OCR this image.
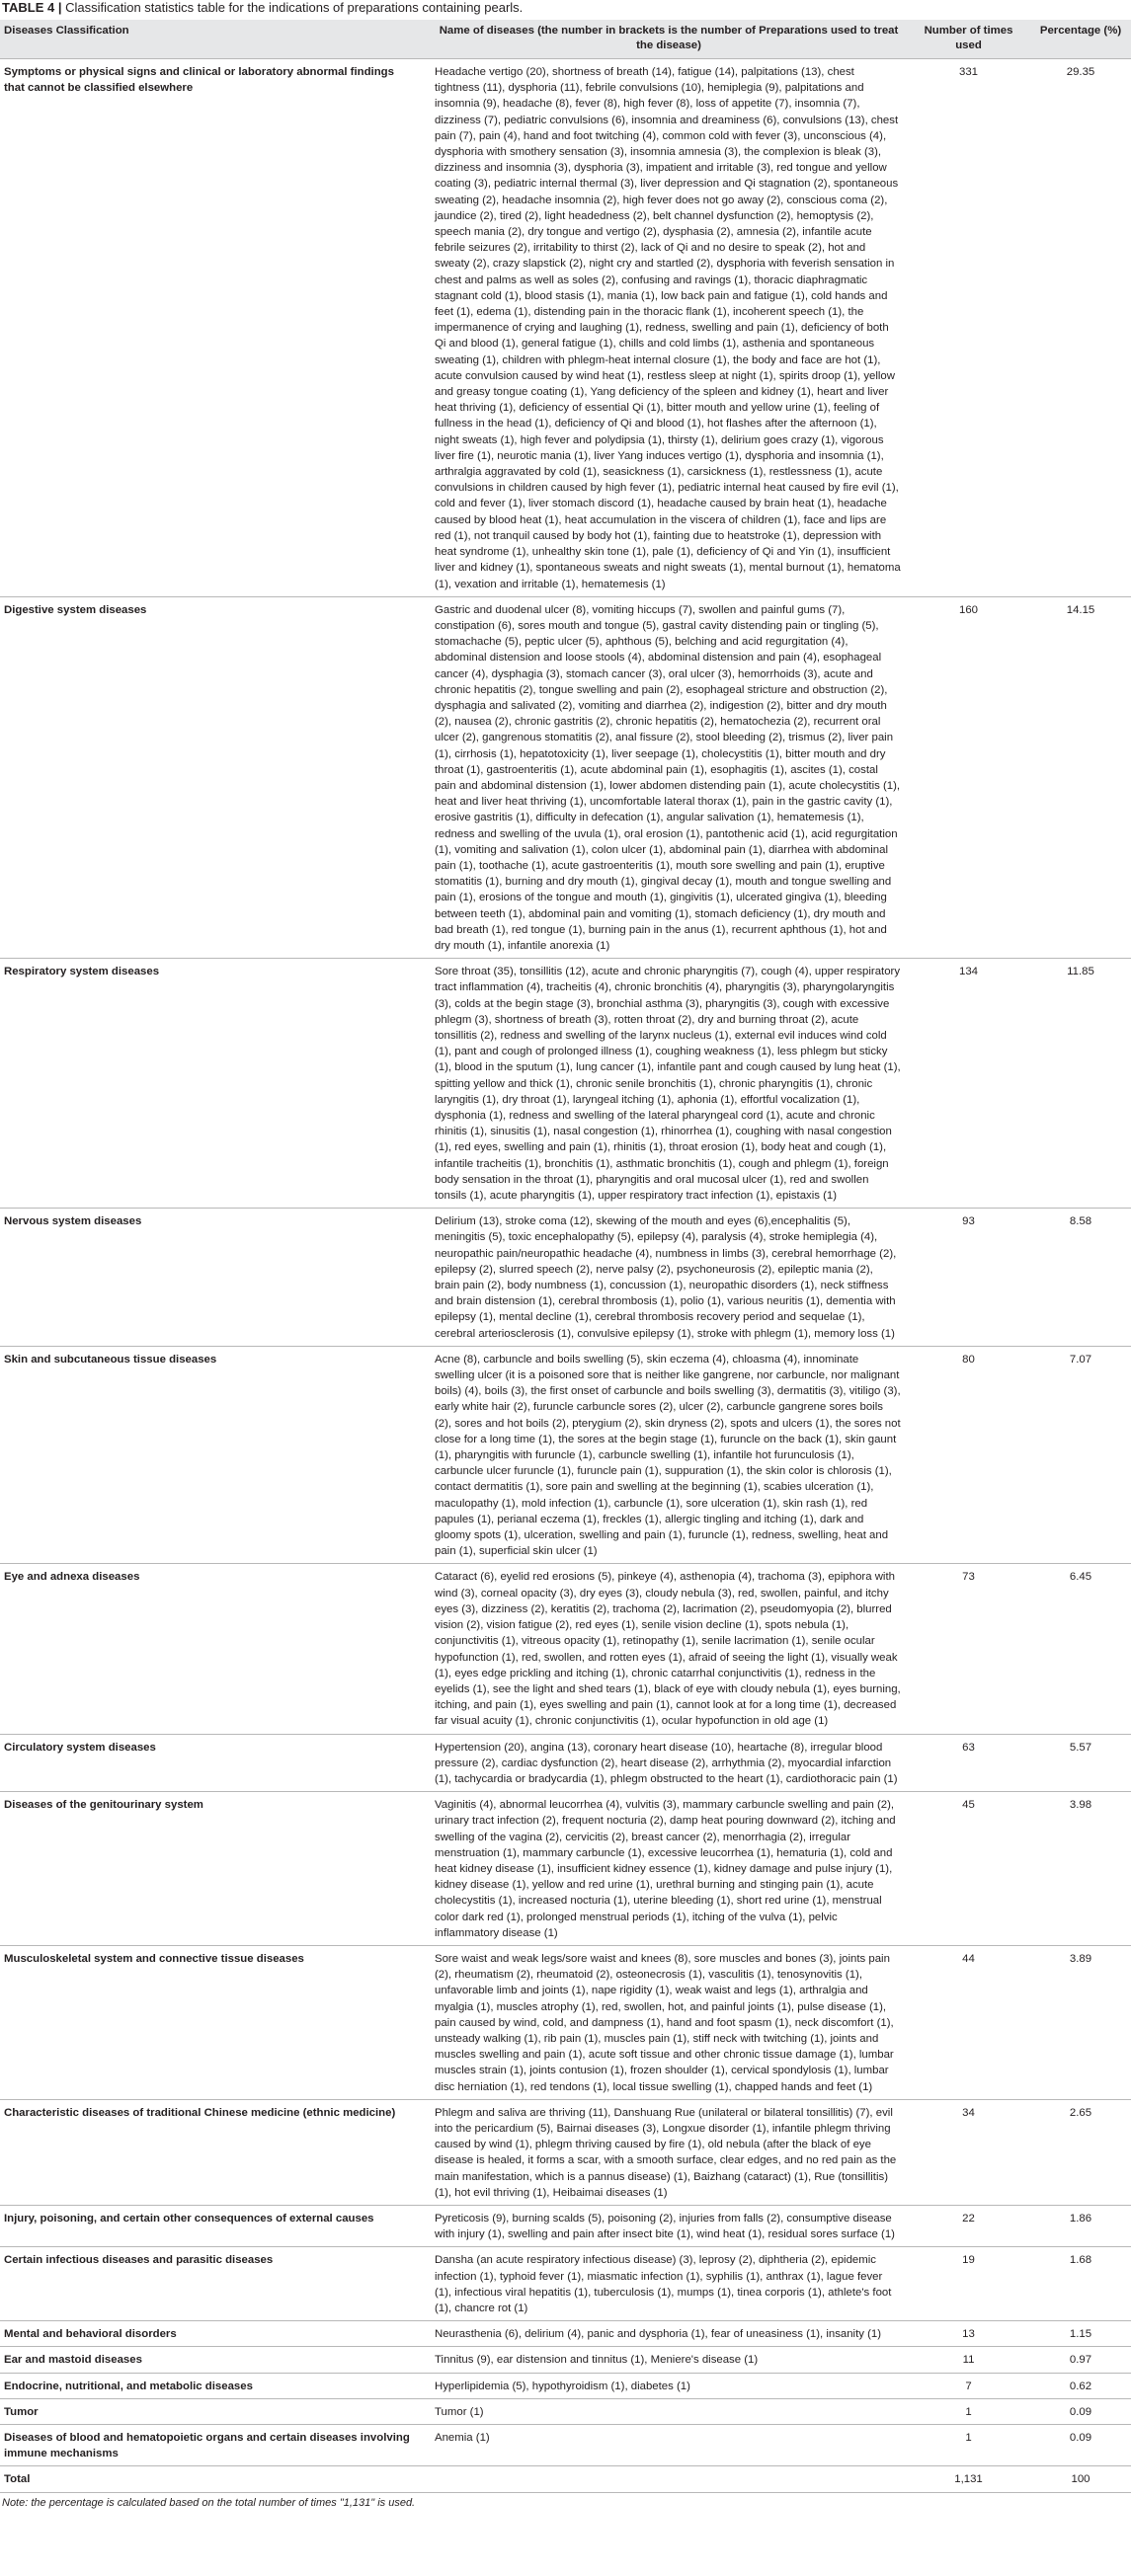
TABLE 4 | Classification statistics table for the indications of preparations containing pearls.
Diseases Classification	Name of diseases (the number in brackets is the number of Preparations used to treat the disease)	Number of times used	Percentage (%)
Symptoms or physical signs and clinical or laboratory abnormal findings that cannot be classified elsewhere	Headache vertigo (20), shortness of breath (14), fatigue (14), palpitations (13), chest tightness (11), dysphoria (11), febrile convulsions (10), hemiplegia (9), palpitations and insomnia (9), headache (8), fever (8), high fever (8), loss of appetite (7), insomnia (7), dizziness (7), pediatric convulsions (6), insomnia and dreaminess (6), convulsions (13), chest pain (7), pain (4), hand and foot twitching (4), common cold with fever (3), unconscious (4), dysphoria with smothery sensation (3), insomnia amnesia (3), the complexion is bleak (3), dizziness and insomnia (3), dysphoria (3), impatient and irritable (3), red tongue and yellow coating (3), pediatric internal thermal (3), liver depression and Qi stagnation (2), spontaneous sweating (2), headache insomnia (2), high fever does not go away (2), conscious coma (2), jaundice (2), tired (2), light headedness (2), belt channel dysfunction (2), hemoptysis (2), speech mania (2), dry tongue and vertigo (2), dysphasia (2), amnesia (2), infantile acute febrile seizures (2), irritability to thirst (2), lack of Qi and no desire to speak (2), hot and sweaty (2), crazy slapstick (2), night cry and startled (2), dysphoria with feverish sensation in chest and palms as well as soles (2), confusing and ravings (1), thoracic diaphragmatic stagnant cold (1), blood stasis (1), mania (1), low back pain and fatigue (1), cold hands and feet (1), edema (1), distending pain in the thoracic flank (1), incoherent speech (1), the impermanence of crying and laughing (1), redness, swelling and pain (1), deficiency of both Qi and blood (1), general fatigue (1), chills and cold limbs (1), asthenia and spontaneous sweating (1), children with phlegm-heat internal closure (1), the body and face are hot (1), acute convulsion caused by wind heat (1), restless sleep at night (1), spirits droop (1), yellow and greasy tongue coating (1), Yang deficiency of the spleen and kidney (1), heart and liver heat thriving (1), deficiency of essential Qi (1), bitter mouth and yellow urine (1), feeling of fullness in the head (1), deficiency of Qi and blood (1), hot flashes after the afternoon (1), night sweats (1), high fever and polydipsia (1), thirsty (1), delirium goes crazy (1), vigorous liver fire (1), neurotic mania (1), liver Yang induces vertigo (1), dysphoria and insomnia (1), arthralgia aggravated by cold (1), seasickness (1), carsickness (1), restlessness (1), acute convulsions in children caused by high fever (1), pediatric internal heat caused by fire evil (1), cold and fever (1), liver stomach discord (1), headache caused by brain heat (1), headache caused by blood heat (1), heat accumulation in the viscera of children (1), face and lips are red (1), not tranquil caused by body hot (1), fainting due to heatstroke (1), depression with heat syndrome (1), unhealthy skin tone (1), pale (1), deficiency of Qi and Yin (1), insufficient liver and kidney (1), spontaneous sweats and night sweats (1), mental burnout (1), hematoma (1), vexation and irritable (1), hematemesis (1)	331	29.35
Digestive system diseases	Gastric and duodenal ulcer (8), vomiting hiccups (7), swollen and painful gums (7), constipation (6), sores mouth and tongue (5), gastral cavity distending pain or tingling (5), stomachache (5), peptic ulcer (5), aphthous (5), belching and acid regurgitation (4), abdominal distension and loose stools (4), abdominal distension and pain (4), esophageal cancer (4), dysphagia (3), stomach cancer (3), oral ulcer (3), hemorrhoids (3), acute and chronic hepatitis (2), tongue swelling and pain (2), esophageal stricture and obstruction (2), dysphagia and salivated (2), vomiting and diarrhea (2), indigestion (2), bitter and dry mouth (2), nausea (2), chronic gastritis (2), chronic hepatitis (2), hematochezia (2), recurrent oral ulcer (2), gangrenous stomatitis (2), anal fissure (2), stool bleeding (2), trismus (2), liver pain (1), cirrhosis (1), hepatotoxicity (1), liver seepage (1), cholecystitis (1), bitter mouth and dry throat (1), gastroenteritis (1), acute abdominal pain (1), esophagitis (1), ascites (1), costal pain and abdominal distension (1), lower abdomen distending pain (1), acute cholecystitis (1), heat and liver heat thriving (1), uncomfortable lateral thorax (1), pain in the gastric cavity (1), erosive gastritis (1), difficulty in defecation (1), angular salivation (1), hematemesis (1), redness and swelling of the uvula (1), oral erosion (1), pantothenic acid (1), acid regurgitation (1), vomiting and salivation (1), colon ulcer (1), abdominal pain (1), diarrhea with abdominal pain (1), toothache (1), acute gastroenteritis (1), mouth sore swelling and pain (1), eruptive stomatitis (1), burning and dry mouth (1), gingival decay (1), mouth and tongue swelling and pain (1), erosions of the tongue and mouth (1), gingivitis (1), ulcerated gingiva (1), bleeding between teeth (1), abdominal pain and vomiting (1), stomach deficiency (1), dry mouth and bad breath (1), red tongue (1), burning pain in the anus (1), recurrent aphthous (1), hot and dry mouth (1), infantile anorexia (1)	160	14.15
Respiratory system diseases	Sore throat (35), tonsillitis (12), acute and chronic pharyngitis (7), cough (4), upper respiratory tract inflammation (4), tracheitis (4), chronic bronchitis (4), pharyngitis (3), pharyngolaryngitis (3), colds at the begin stage (3), bronchial asthma (3), pharyngitis (3), cough with excessive phlegm (3), shortness of breath (3), rotten throat (2), dry and burning throat (2), acute tonsillitis (2), redness and swelling of the larynx nucleus (1), external evil induces wind cold (1), pant and cough of prolonged illness (1), coughing weakness (1), less phlegm but sticky (1), blood in the sputum (1), lung cancer (1), infantile pant and cough caused by lung heat (1), spitting yellow and thick (1), chronic senile bronchitis (1), chronic pharyngitis (1), chronic laryngitis (1), dry throat (1), laryngeal itching (1), aphonia (1), effortful vocalization (1), dysphonia (1), redness and swelling of the lateral pharyngeal cord (1), acute and chronic rhinitis (1), sinusitis (1), nasal congestion (1), rhinorrhea (1), coughing with nasal congestion (1), red eyes, swelling and pain (1), rhinitis (1), throat erosion (1), body heat and cough (1), infantile tracheitis (1), bronchitis (1), asthmatic bronchitis (1), cough and phlegm (1), foreign body sensation in the throat (1), pharyngitis and oral mucosal ulcer (1), red and swollen tonsils (1), acute pharyngitis (1), upper respiratory tract infection (1), epistaxis (1)	134	11.85
Nervous system diseases	Delirium (13), stroke coma (12), skewing of the mouth and eyes (6),encephalitis (5), meningitis (5), toxic encephalopathy (5), epilepsy (4), paralysis (4), stroke hemiplegia (4), neuropathic pain/neuropathic headache (4), numbness in limbs (3), cerebral hemorrhage (2), epilepsy (2), slurred speech (2), nerve palsy (2), psychoneurosis (2), epileptic mania (2), brain pain (2), body numbness (1), concussion (1), neuropathic disorders (1), neck stiffness and brain distension (1), cerebral thrombosis (1), polio (1), various neuritis (1), dementia with epilepsy (1), mental decline (1), cerebral thrombosis recovery period and sequelae (1), cerebral arteriosclerosis (1), convulsive epilepsy (1), stroke with phlegm (1), memory loss (1)	93	8.58
Skin and subcutaneous tissue diseases	Acne (8), carbuncle and boils swelling (5), skin eczema (4), chloasma (4), innominate swelling ulcer (it is a poisoned sore that is neither like gangrene, nor carbuncle, nor malignant boils) (4), boils (3), the first onset of carbuncle and boils swelling (3), dermatitis (3), vitiligo (3), early white hair (2), furuncle carbuncle sores (2), ulcer (2), carbuncle gangrene sores boils (2), sores and hot boils (2), pterygium (2), skin dryness (2), spots and ulcers (1), the sores not close for a long time (1), the sores at the begin stage (1), furuncle on the back (1), skin gaunt (1), pharyngitis with furuncle (1), carbuncle swelling (1), infantile hot furunculosis (1), carbuncle ulcer furuncle (1), furuncle pain (1), suppuration (1), the skin color is chlorosis (1), contact dermatitis (1), sore pain and swelling at the beginning (1), scabies ulceration (1), maculopathy (1), mold infection (1), carbuncle (1), sore ulceration (1), skin rash (1), red papules (1), perianal eczema (1), freckles (1), allergic tingling and itching (1), dark and gloomy spots (1), ulceration, swelling and pain (1), furuncle (1), redness, swelling, heat and pain (1), superficial skin ulcer (1)	80	7.07
Eye and adnexa diseases	Cataract (6), eyelid red erosions (5), pinkeye (4), asthenopia (4), trachoma (3), epiphora with wind (3), corneal opacity (3), dry eyes (3), cloudy nebula (3), red, swollen, painful, and itchy eyes (3), dizziness (2), keratitis (2), trachoma (2), lacrimation (2), pseudomyopia (2), blurred vision (2), vision fatigue (2), red eyes (1), senile vision decline (1), spots nebula (1), conjunctivitis (1), vitreous opacity (1), retinopathy (1), senile lacrimation (1), senile ocular hypofunction (1), red, swollen, and rotten eyes (1), afraid of seeing the light (1), visually weak (1), eyes edge prickling and itching (1), chronic catarrhal conjunctivitis (1), redness in the eyelids (1), see the light and shed tears (1), black of eye with cloudy nebula (1), eyes burning, itching, and pain (1), eyes swelling and pain (1), cannot look at for a long time (1), decreased far visual acuity (1), chronic conjunctivitis (1), ocular hypofunction in old age (1)	73	6.45
Circulatory system diseases	Hypertension (20), angina (13), coronary heart disease (10), heartache (8), irregular blood pressure (2), cardiac dysfunction (2), heart disease (2), arrhythmia (2), myocardial infarction (1), tachycardia or bradycardia (1), phlegm obstructed to the heart (1), cardiothoracic pain (1)	63	5.57
Diseases of the genitourinary system	Vaginitis (4), abnormal leucorrhea (4), vulvitis (3), mammary carbuncle swelling and pain (2), urinary tract infection (2), frequent nocturia (2), damp heat pouring downward (2), itching and swelling of the vagina (2), cervicitis (2), breast cancer (2), menorrhagia (2), irregular menstruation (1), mammary carbuncle (1), excessive leucorrhea (1), hematuria (1), cold and heat kidney disease (1), insufficient kidney essence (1), kidney damage and pulse injury (1), kidney disease (1), yellow and red urine (1), urethral burning and stinging pain (1), acute cholecystitis (1), increased nocturia (1), uterine bleeding (1), short red urine (1), menstrual color dark red (1), prolonged menstrual periods (1), itching of the vulva (1), pelvic inflammatory disease (1)	45	3.98
Musculoskeletal system and connective tissue diseases	Sore waist and weak legs/sore waist and knees (8), sore muscles and bones (3), joints pain (2), rheumatism (2), rheumatoid (2), osteonecrosis (1), vasculitis (1), tenosynovitis (1), unfavorable limb and joints (1), nape rigidity (1), weak waist and legs (1), arthralgia and myalgia (1), muscles atrophy (1), red, swollen, hot, and painful joints (1), pulse disease (1), pain caused by wind, cold, and dampness (1), hand and foot spasm (1), neck discomfort (1), unsteady walking (1), rib pain (1), muscles pain (1), stiff neck with twitching (1), joints and muscles swelling and pain (1), acute soft tissue and other chronic tissue damage (1), lumbar muscles strain (1), joints contusion (1), frozen shoulder (1), cervical spondylosis (1), lumbar disc herniation (1), red tendons (1), local tissue swelling (1), chapped hands and feet (1)	44	3.89
Characteristic diseases of traditional Chinese medicine (ethnic medicine)	Phlegm and saliva are thriving (11), Danshuang Rue (unilateral or bilateral tonsillitis) (7), evil into the pericardium (5), Bairnai diseases (3), Longxue disorder (1), infantile phlegm thriving caused by wind (1), phlegm thriving caused by fire (1), old nebula (after the black of eye disease is healed, it forms a scar, with a smooth surface, clear edges, and no red pain as the main manifestation, which is a pannus disease) (1), Baizhang (cataract) (1), Rue (tonsillitis) (1), hot evil thriving (1), Heibaimai diseases (1)	34	2.65
Injury, poisoning, and certain other consequences of external causes	Pyreticosis (9), burning scalds (5), poisoning (2), injuries from falls (2), consumptive disease with injury (1), swelling and pain after insect bite (1), wind heat (1), residual sores surface (1)	22	1.86
Certain infectious diseases and parasitic diseases	Dansha (an acute respiratory infectious disease) (3), leprosy (2), diphtheria (2), epidemic infection (1), typhoid fever (1), miasmatic infection (1), syphilis (1), anthrax (1), lague fever (1), infectious viral hepatitis (1), tuberculosis (1), mumps (1), tinea corporis (1), athlete's foot (1), chancre rot (1)	19	1.68
Mental and behavioral disorders	Neurasthenia (6), delirium (4), panic and dysphoria (1), fear of uneasiness (1), insanity (1)	13	1.15
Ear and mastoid diseases	Tinnitus (9), ear distension and tinnitus (1), Meniere's disease (1)	11	0.97
Endocrine, nutritional, and metabolic diseases	Hyperlipidemia (5), hypothyroidism (1), diabetes (1)	7	0.62
Tumor	Tumor (1)	1	0.09
Diseases of blood and hematopoietic organs and certain diseases involving immune mechanisms	Anemia (1)	1	0.09
Total		1,131	100
Note: the percentage is calculated based on the total number of times "1,131" is used.
